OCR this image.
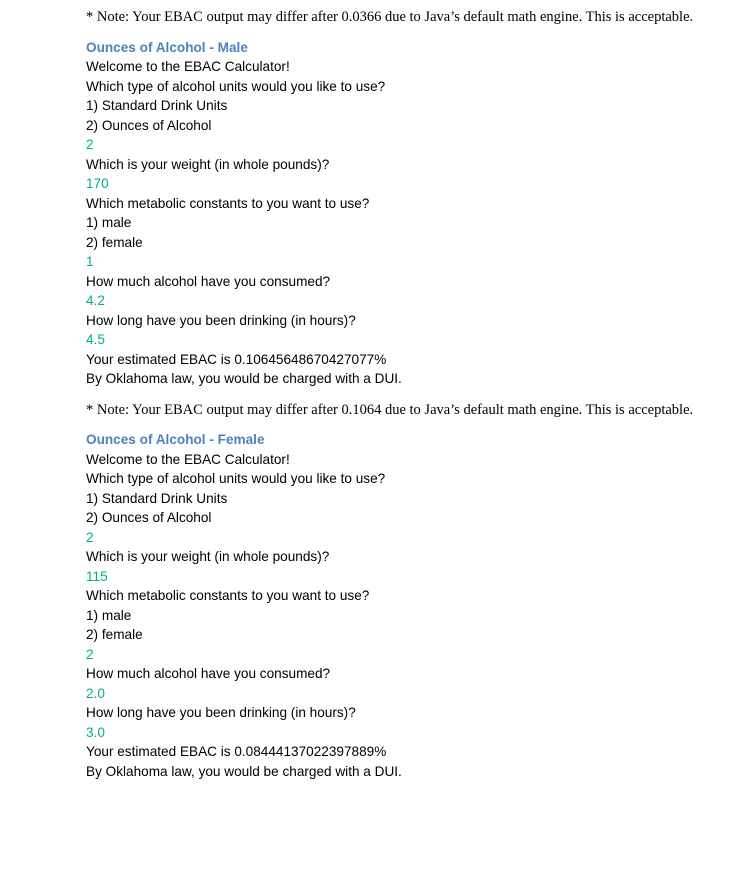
* Note: Your EBAC output may differ after 0.0366 due to Java’s default math engine. This is acceptable.

Ounces of Alcohol - Male

Welcome to the EBAC Calculator!

Which type of alcohol units would you like to use?

1) Standard Drink Units

2) Ounces of Alcohol

2

Which is your weight (in whole pounds)?

170

Which metabolic constants to you want to use?

1) male

2) female

1

How much alcohol have you consumed?

4.2

How long have you been drinking (in hours)?

4.5

Your estimated EBAC is 0.10645648670427077%

By Oklahoma law, you would be charged with a DUI.

* Note: Your EBAC output may differ after 0.1064 due to Java’s default math engine. This is acceptable.

Ounces of Alcohol - Female

Welcome to the EBAC Calculator!

Which type of alcohol units would you like to use?

1) Standard Drink Units

2) Ounces of Alcohol

2

Which is your weight (in whole pounds)?

115

Which metabolic constants to you want to use?

1) male

2) female

2

How much alcohol have you consumed?

2.0

How long have you been drinking (in hours)?

3.0

Your estimated EBAC is 0.08444137022397889%

By Oklahoma law, you would be charged with a DUI.
